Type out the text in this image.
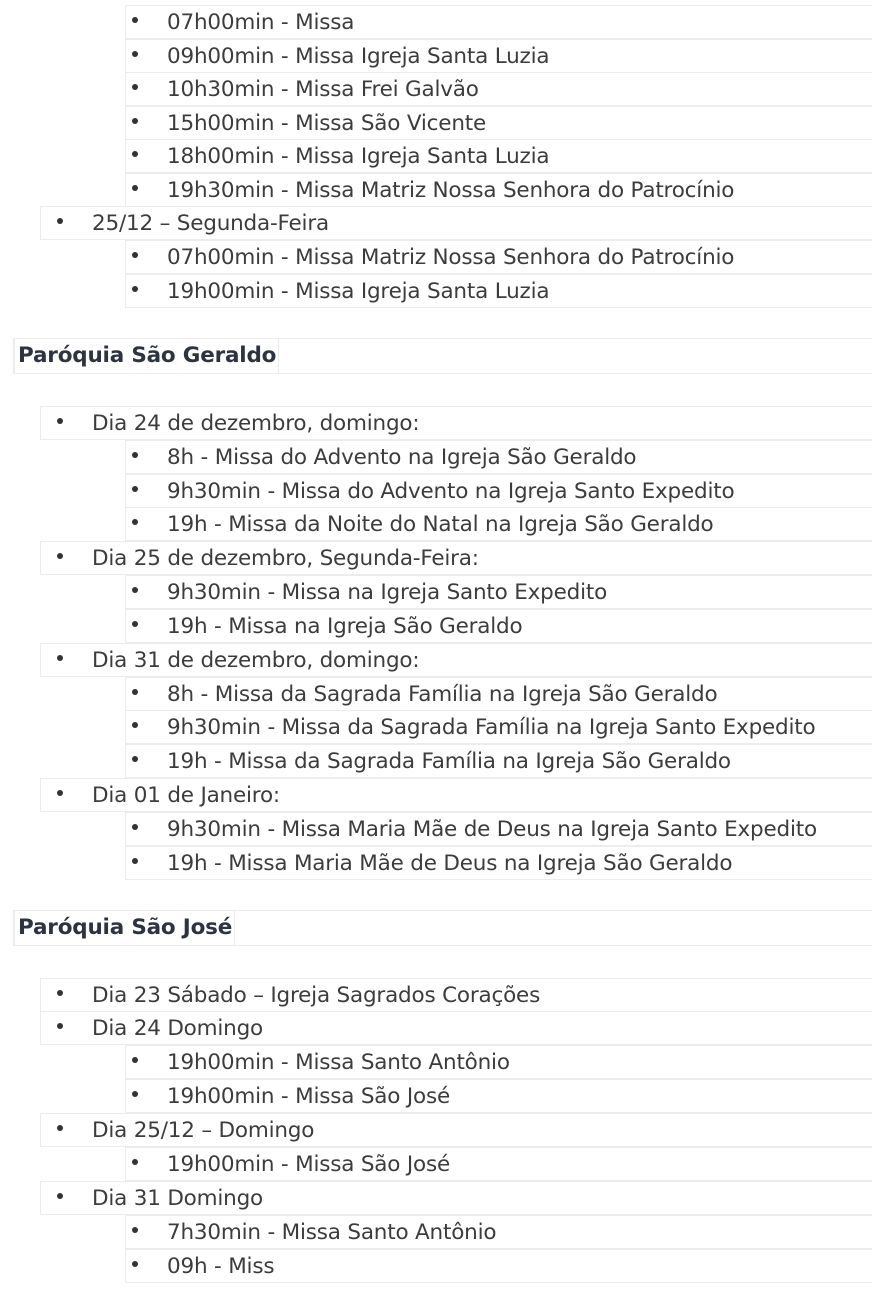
07h00min - Missa
09h00min - Missa Igreja Santa Luzia
10h30min - Missa Frei Galvão
15h00min - Missa São Vicente
18h00min - Missa Igreja Santa Luzia
19h30min - Missa Matriz Nossa Senhora do Patrocínio
25/12 – Segunda-Feira
07h00min - Missa Matriz Nossa Senhora do Patrocínio
19h00min - Missa Igreja Santa Luzia
Paróquia São Geraldo
Dia 24 de dezembro, domingo:
8h - Missa do Advento na Igreja São Geraldo
9h30min - Missa do Advento na Igreja Santo Expedito
19h - Missa da Noite do Natal na Igreja São Geraldo
Dia 25 de dezembro, Segunda-Feira:
9h30min - Missa na Igreja Santo Expedito
19h - Missa na Igreja São Geraldo
Dia 31 de dezembro, domingo:
8h - Missa da Sagrada Família na Igreja São Geraldo
9h30min - Missa da Sagrada Família na Igreja Santo Expedito
19h - Missa da Sagrada Família na Igreja São Geraldo
Dia 01 de Janeiro:
9h30min - Missa Maria Mãe de Deus na Igreja Santo Expedito
19h - Missa Maria Mãe de Deus na Igreja São Geraldo
Paróquia São José
Dia 23 Sábado – Igreja Sagrados Corações
Dia 24 Domingo
19h00min - Missa Santo Antônio
19h00min - Missa São José
Dia 25/12 – Domingo
19h00min - Missa São José
Dia 31 Domingo
7h30min - Missa Santo Antônio
09h - Miss
